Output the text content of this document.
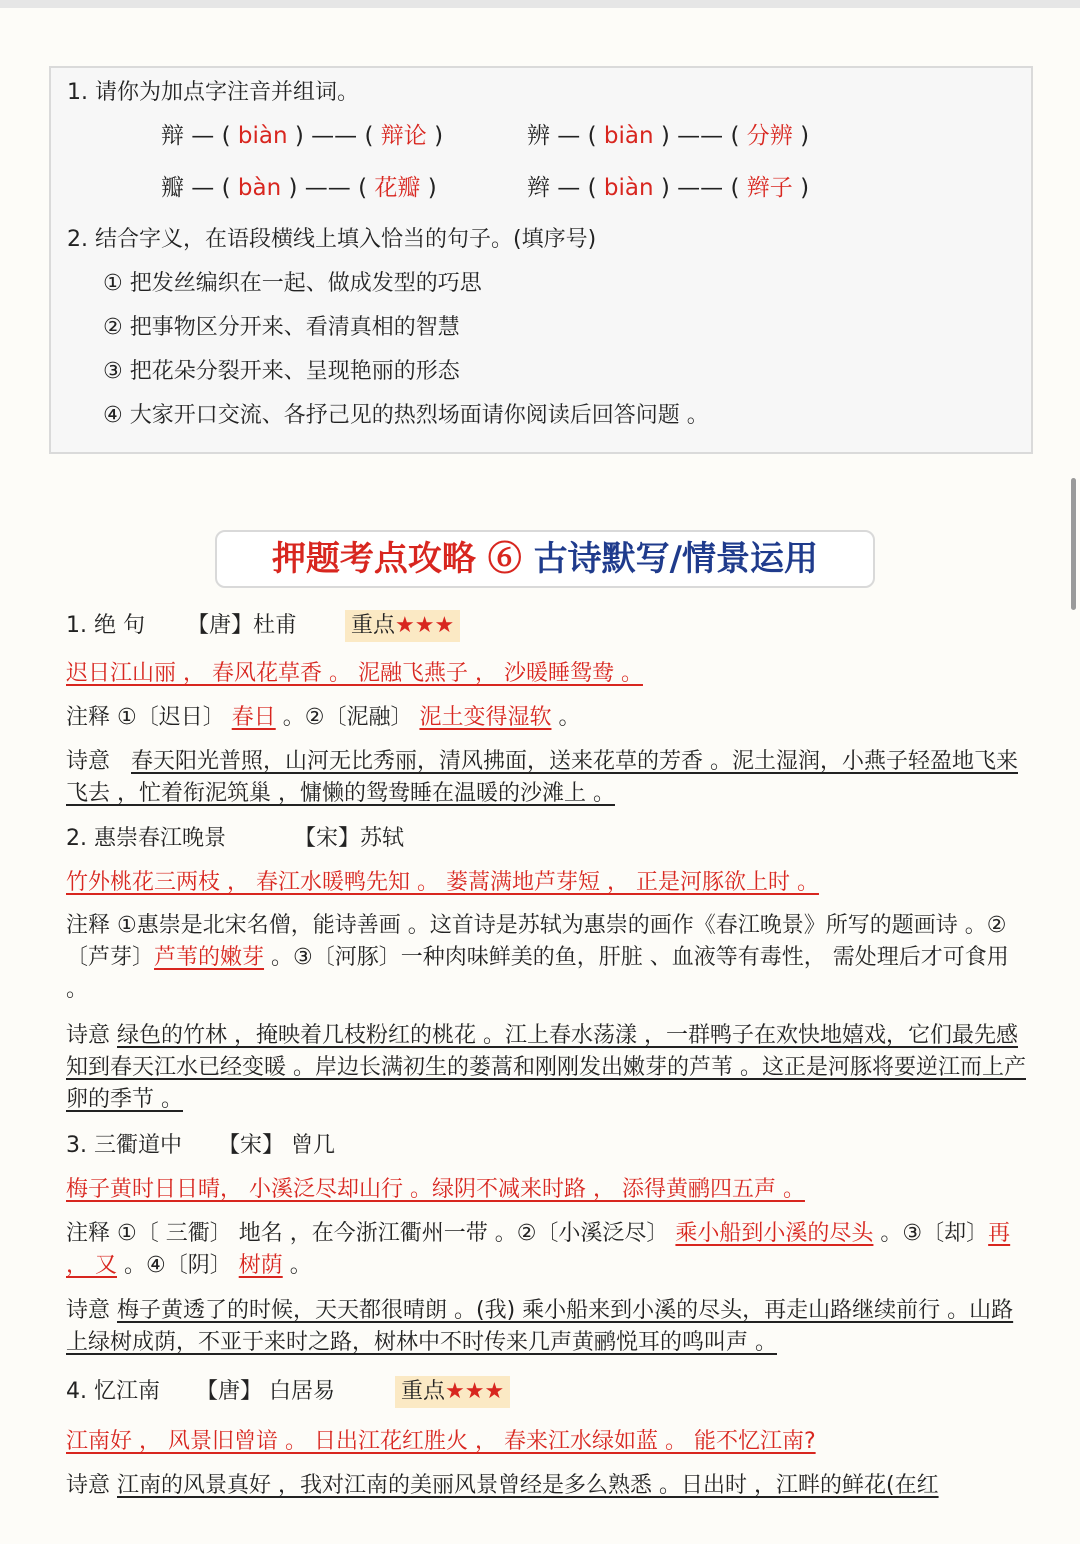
1. 请你为加点字注音并组词。
辩 — ( biàn ) —— ( 辩论 )	辨 — ( biàn ) —— ( 分辨 )
瓣 — ( bàn ) —— ( 花瓣 )	辫 — ( biàn ) —— ( 辫子 )
2. 结合字义，在语段横线上填入恰当的句子。(填序号)
① 把发丝编织在一起、做成发型的巧思
② 把事物区分开来、看清真相的智慧
③ 把花朵分裂开来、呈现艳丽的形态
④ 大家开口交流、各抒己见的热烈场面请你阅读后回答问题 。
押题考点攻略 ⑥ 古诗默写/情景运用
1. 绝 句 【唐】杜甫 重点★★★
迟日江山丽 ， 春风花草香 。 泥融飞燕子 ， 沙暖睡鸳鸯 。
注释 ①〔迟日〕 春日 。②〔泥融〕 泥土变得湿软 。
诗意   春天阳光普照，山河无比秀丽，清风拂面，送来花草的芳香 。泥土湿润，小燕子轻盈地飞来飞去 ，忙着衔泥筑巢 ，慵懒的鸳鸯睡在温暖的沙滩上 。
2. 惠崇春江晚景	【宋】苏轼
竹外桃花三两枝 ， 春江水暖鸭先知 。 蒌蒿满地芦芽短 ， 正是河豚欲上时 。
注释 ①惠崇是北宋名僧，能诗善画 。这首诗是苏轼为惠崇的画作《春江晚景》所写的题画诗 。②〔芦芽〕芦苇的嫩芽 。③〔河豚〕一种肉味鲜美的鱼，肝脏 、血液等有毒性， 需处理后才可食用 。
诗意 绿色的竹林 ，掩映着几枝粉红的桃花 。江上春水荡漾 ，一群鸭子在欢快地嬉戏，它们最先感知到春天江水已经变暖 。岸边长满初生的蒌蒿和刚刚发出嫩芽的芦苇 。这正是河豚将要逆江而上产卵的季节 。
3. 三衢道中 【宋】 曾几
梅子黄时日日晴， 小溪泛尽却山行 。绿阴不减来时路 ， 添得黄鹂四五声 。
注释 ①〔 三衢〕 地名 ，在今浙江衢州一带 。②〔小溪泛尽〕 乘小船到小溪的尽头 。③〔却〕再 ， 又 。④〔阴〕 树荫 。
诗意 梅子黄透了的时候，天天都很晴朗 。(我) 乘小船来到小溪的尽头，再走山路继续前行 。山路上绿树成荫，不亚于来时之路，树林中不时传来几声黄鹂悦耳的鸣叫声 。
4. 忆江南 【唐】 白居易	重点★★★
江南好 ， 风景旧曾谙 。 日出江花红胜火 ， 春来江水绿如蓝 。 能不忆江南?
诗意 江南的风景真好 ，我对江南的美丽风景曾经是多么熟悉 。日出时 ，江畔的鲜花(在红
